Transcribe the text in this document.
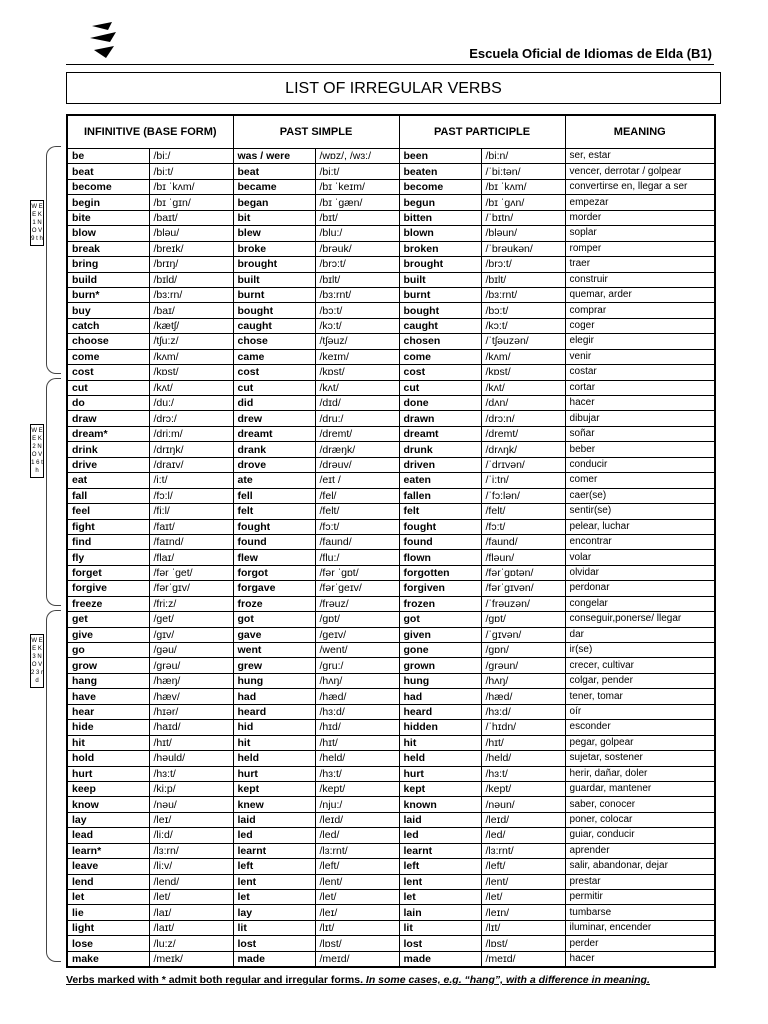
Escuela Oficial de Idiomas de Elda (B1)
LIST OF IRREGULAR VERBS
W E E K 1 N O V 9 t h
W E E K 2 N O V 1 6 t h
W E E K 3 N O V 2 3 r d
INFINITIVE (BASE FORM)		PAST SIMPLE		PAST PARTICIPLE		MEANING
be	/bi:/	was / were	/wɒz/, /wɜ:/	been	/bi:n/	ser, estar
beat	/bi:t/	beat	/bi:t/	beaten	/ˈbi:tən/	vencer, derrotar / golpear
become	/bɪ ˈkʌm/	became	/bɪ ˈkeɪm/	become	/bɪ ˈkʌm/	convertirse en, llegar a ser
begin	/bɪ ˈgɪn/	began	/bɪ ˈgæn/	begun	/bɪ ˈgʌn/	empezar
bite	/baɪt/	bit	/bɪt/	bitten	/ˈbɪtn/	morder
blow	/bləu/	blew	/blu:/	blown	/bləun/	soplar
break	/breɪk/	broke	/brəuk/	broken	/ˈbrəukən/	romper
bring	/brɪŋ/	brought	/brɔ:t/	brought	/brɔ:t/	traer
build	/bɪld/	built	/bɪlt/	built	/bɪlt/	construir
burn*	/bɜ:rn/	burnt	/bɜ:rnt/	burnt	/bɜ:rnt/	quemar, arder
buy	/baɪ/	bought	/bɔ:t/	bought	/bɔ:t/	comprar
catch	/kætʃ/	caught	/kɔ:t/	caught	/kɔ:t/	coger
choose	/tʃu:z/	chose	/tʃəuz/	chosen	/ˈtʃəuzən/	elegir
come	/kʌm/	came	/keɪm/	come	/kʌm/	venir
cost	/kɒst/	cost	/kɒst/	cost	/kɒst/	costar
cut	/kʌt/	cut	/kʌt/	cut	/kʌt/	cortar
do	/du:/	did	/dɪd/	done	/dʌn/	hacer
draw	/drɔ:/	drew	/dru:/	drawn	/drɔ:n/	dibujar
dream*	/dri:m/	dreamt	/dremt/	dreamt	/dremt/	soñar
drink	/drɪŋk/	drank	/dræŋk/	drunk	/drʌŋk/	beber
drive	/draɪv/	drove	/drəuv/	driven	/ˈdrɪvən/	conducir
eat	/i:t/	ate	/eɪt /	eaten	/ˈi:tn/	comer
fall	/fɔ:l/	fell	/fel/	fallen	/ˈfɔ:lən/	caer(se)
feel	/fi:l/	felt	/felt/	felt	/felt/	sentir(se)
fight	/faɪt/	fought	/fɔ:t/	fought	/fɔ:t/	pelear, luchar
find	/faɪnd/	found	/faund/	found	/faund/	encontrar
fly	/flaɪ/	flew	/flu:/	flown	/fləun/	volar
forget	/fər ˈget/	forgot	/fər ˈgɒt/	forgotten	/fərˈgɒtən/	olvidar
forgive	/fərˈgɪv/	forgave	/fərˈgeɪv/	forgiven	/fərˈgɪvən/	perdonar
freeze	/fri:z/	froze	/frəuz/	frozen	/ˈfrəuzən/	congelar
get	/get/	got	/gɒt/	got	/gɒt/	conseguir,ponerse/ llegar
give	/gɪv/	gave	/geɪv/	given	/ˈgɪvən/	dar
go	/gəu/	went	/went/	gone	/gɒn/	ir(se)
grow	/grəu/	grew	/gru:/	grown	/grəun/	crecer, cultivar
hang	/hæŋ/	hung	/hʌŋ/	hung	/hʌŋ/	colgar, pender
have	/hæv/	had	/hæd/	had	/hæd/	tener, tomar
hear	/hɪər/	heard	/hɜ:d/	heard	/hɜ:d/	oír
hide	/haɪd/	hid	/hɪd/	hidden	/ˈhɪdn/	esconder
hit	/hɪt/	hit	/hɪt/	hit	/hɪt/	pegar, golpear
hold	/həuld/	held	/held/	held	/held/	sujetar, sostener
hurt	/hɜ:t/	hurt	/hɜ:t/	hurt	/hɜ:t/	herir, dañar, doler
keep	/ki:p/	kept	/kept/	kept	/kept/	guardar, mantener
know	/nəu/	knew	/nju:/	known	/nəun/	saber, conocer
lay	/leɪ/	laid	/leɪd/	laid	/leɪd/	poner, colocar
lead	/li:d/	led	/led/	led	/led/	guiar, conducir
learn*	/lɜ:rn/	learnt	/lɜ:rnt/	learnt	/lɜ:rnt/	aprender
leave	/li:v/	left	/left/	left	/left/	salir, abandonar, dejar
lend	/lend/	lent	/lent/	lent	/lent/	prestar
let	/let/	let	/let/	let	/let/	permitir
lie	/laɪ/	lay	/leɪ/	lain	/leɪn/	tumbarse
light	/laɪt/	lit	/lɪt/	lit	/lɪt/	iluminar, encender
lose	/lu:z/	lost	/lɒst/	lost	/lɒst/	perder
make	/meɪk/	made	/meɪd/	made	/meɪd/	hacer
Verbs marked with * admit both regular and irregular forms. In some cases, e.g. “hang”, with a difference in meaning.
